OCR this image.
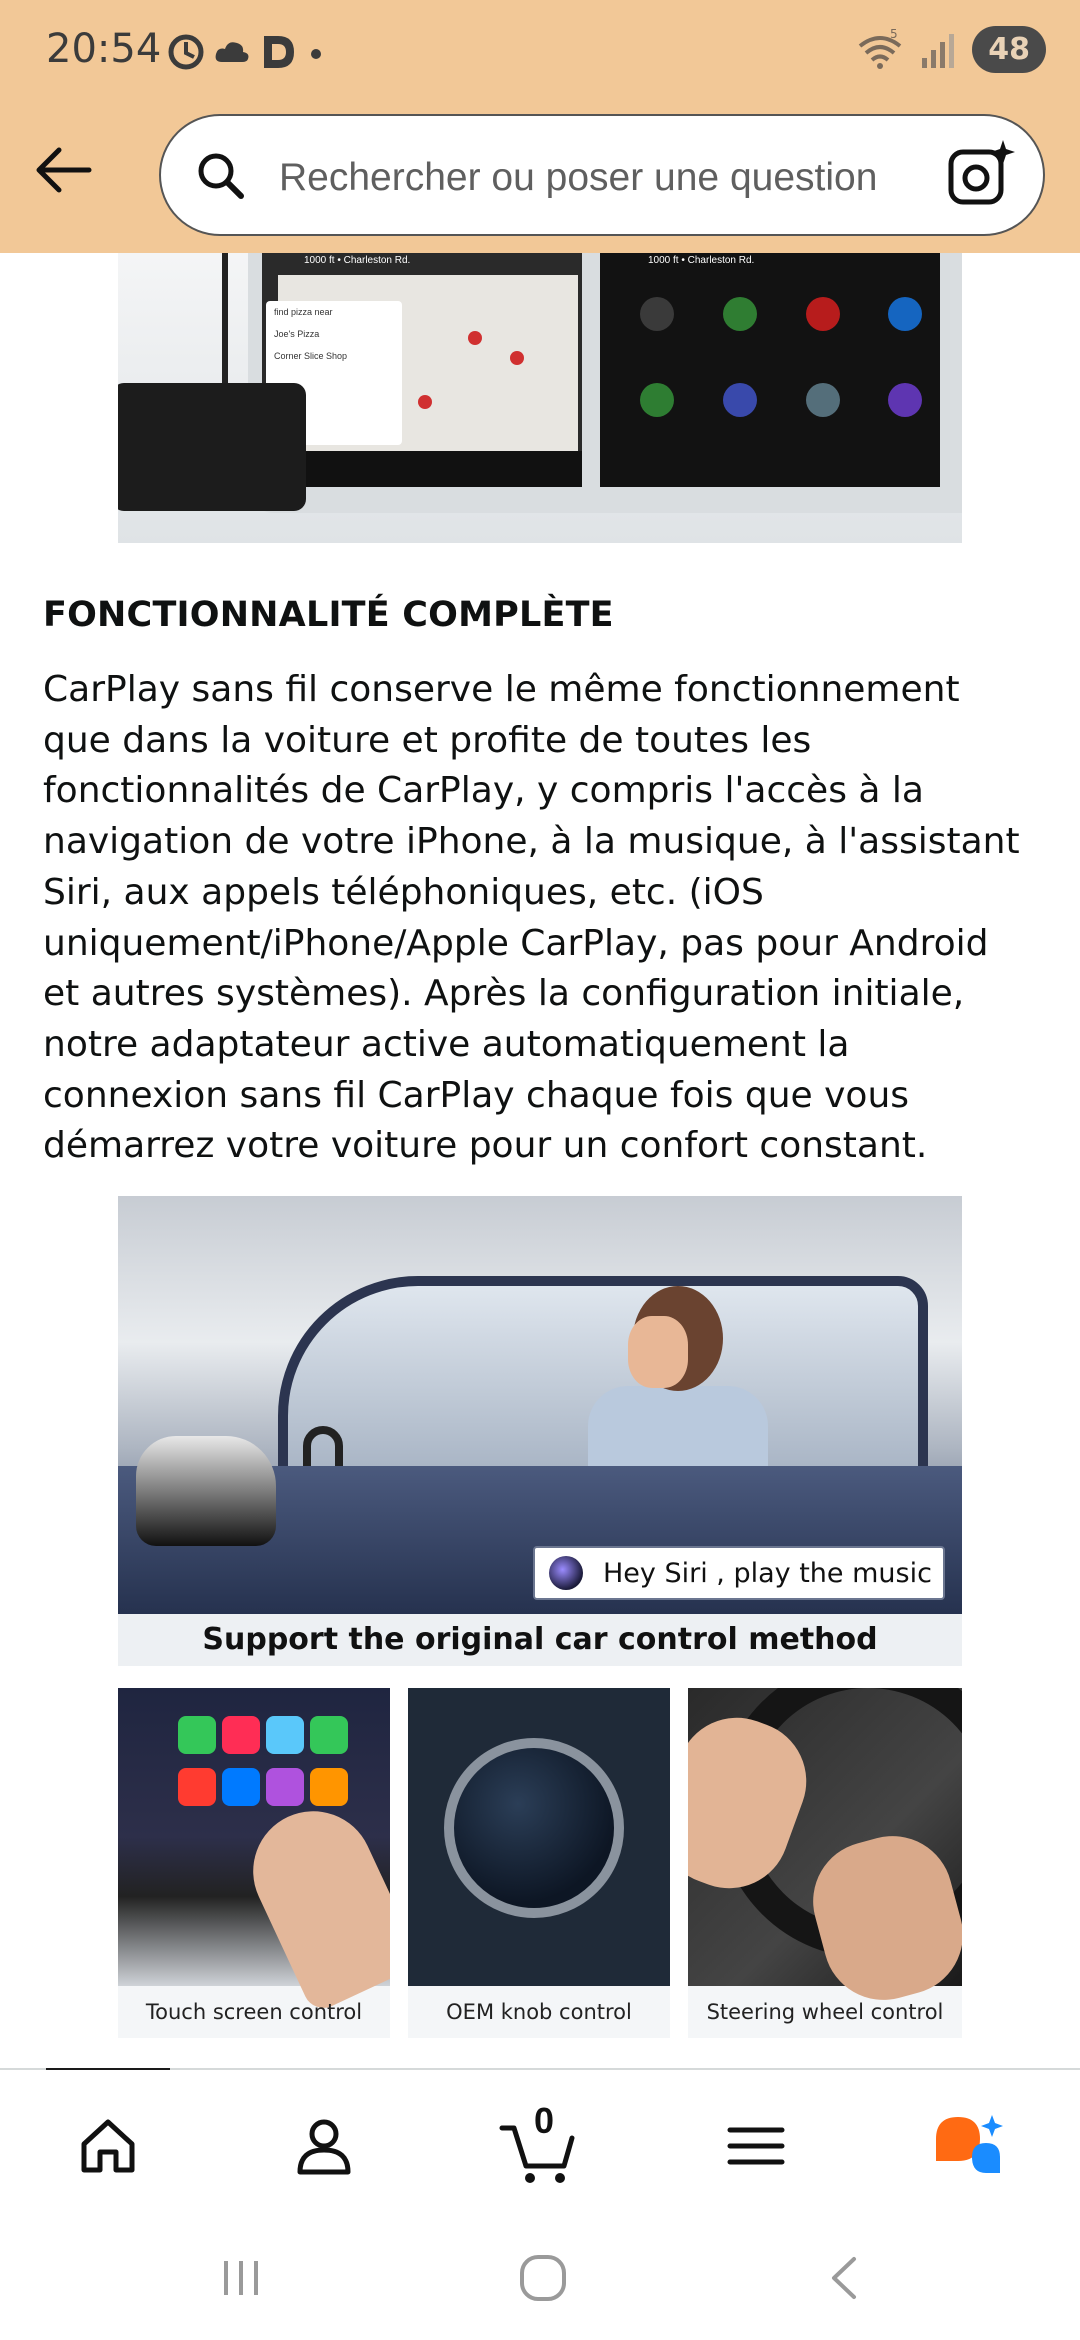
20:54	5	48
Rechercher ou poser une question
find pizza near
Joe's Pizza
Corner Slice Shop
1000 ft • Charleston Rd.	1000 ft • Charleston Rd.
FONCTIONNALITÉ COMPLÈTE
CarPlay sans fil conserve le même fonctionnement
que dans la voiture et profite de toutes les
fonctionnalités de CarPlay, y compris l'accès à la
navigation de votre iPhone, à la musique, à l'assistant
Siri, aux appels téléphoniques, etc. (iOS
uniquement/iPhone/Apple CarPlay, pas pour Android
et autres systèmes). Après la configuration initiale,
notre adaptateur active automatiquement la
connexion sans fil CarPlay chaque fois que vous
démarrez votre voiture pour un confort constant.
Hey Siri , play the music
Support the original car control method
Touch screen control	OEM knob control	Steering wheel control
0
